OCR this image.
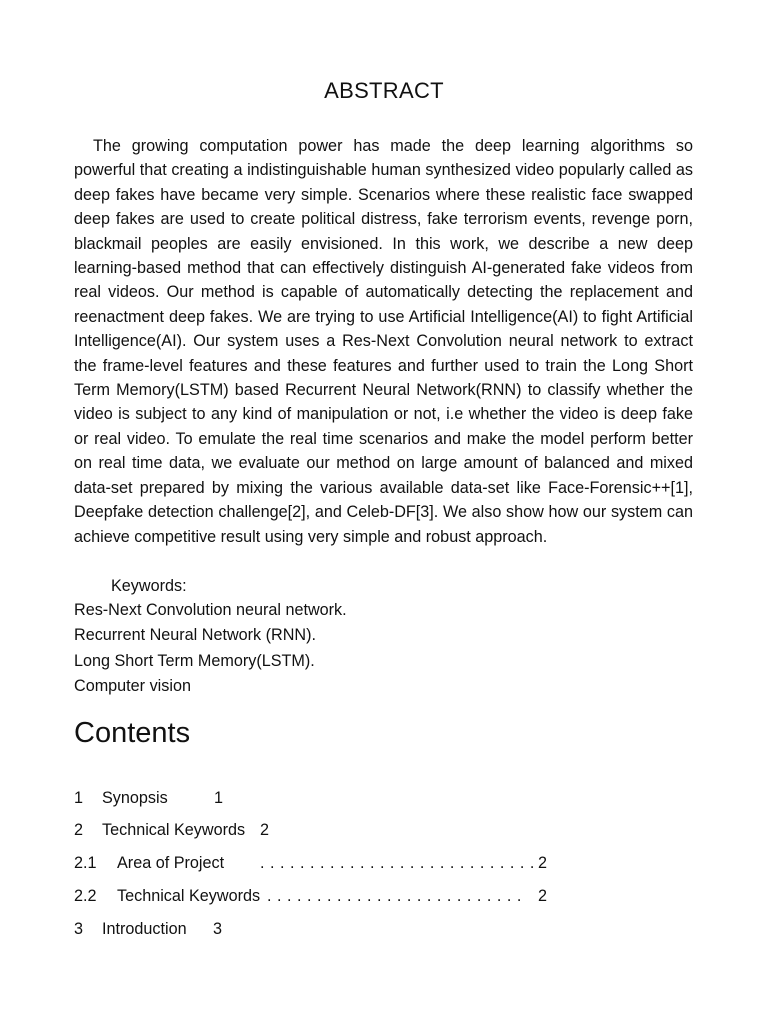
ABSTRACT

The growing computation power has made the deep learning algorithms so powerful that creating a indistinguishable human synthesized video popularly called as deep fakes have became very simple. Scenarios where these realistic face swapped deep fakes are used to create political distress, fake terrorism events, revenge porn, blackmail peoples are easily envisioned. In this work, we describe a new deep learning-based method that can effectively distinguish AI-generated fake videos from real videos. Our method is capable of automatically detecting the replacement and reenactment deep fakes. We are trying to use Artificial Intelligence(AI) to fight Artificial Intelligence(AI). Our system uses a Res-Next Convolution neural network to extract the frame-level features and these features and further used to train the Long Short Term Memory(LSTM) based Recurrent Neural Network(RNN) to classify whether the video is subject to any kind of manipulation or not, i.e whether the video is deep fake or real video. To emulate the real time scenarios and make the model perform better on real time data, we evaluate our method on large amount of balanced and mixed data-set prepared by mixing the various available data-set like Face-Forensic++[1], Deepfake detection challenge[2], and Celeb-DF[3]. We also show how our system can achieve competitive result using very simple and robust approach.

Keywords:
Res-Next Convolution neural network.
Recurrent Neural Network (RNN).
Long Short Term Memory(LSTM).
Computer vision
Contents
1 Synopsis	1
2 Technical Keywords 2
2.1 Area of Project . . . . . . . . . . . . . . . . . . . . . . . . . . . . 2
2.2 Technical Keywords . . . . . . . . . . . . . . . . . . . . . . . . . . 2
3 Introduction 3
